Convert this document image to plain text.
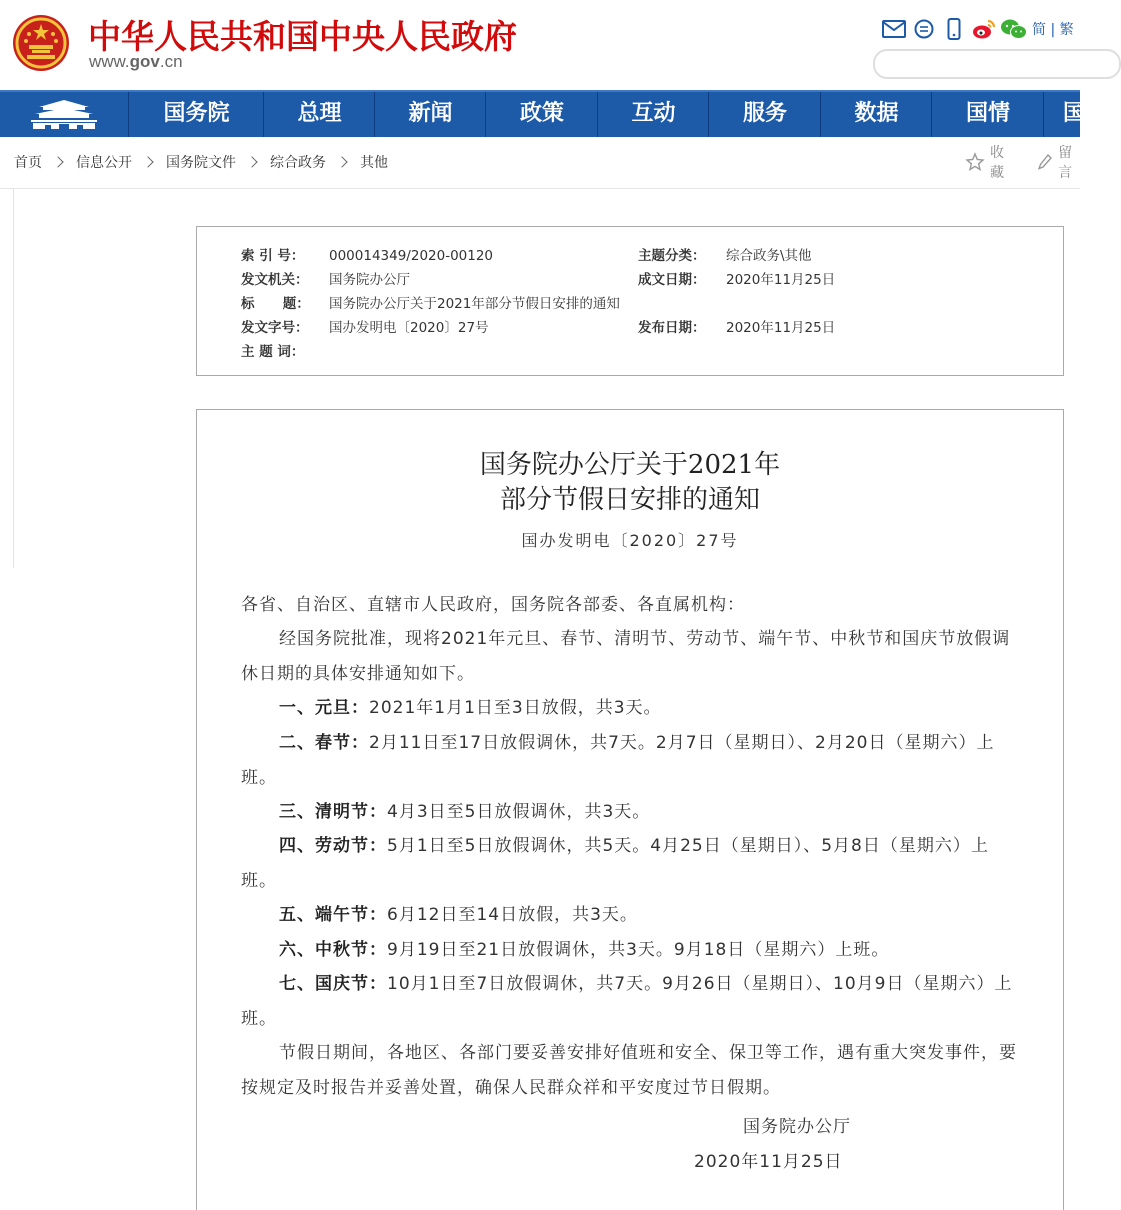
中华人民共和国中央人民政府
www.gov.cn
简 | 繁
国务院	总理	新闻	政策	互动	服务	数据	国情	国
首页 信息公开 国务院文件 综合政务 其他
收藏
留言
索 引 号： 000014349/2020-00120	主题分类： 综合政务\其他
发文机关： 国务院办公厅	成文日期： 2020年11月25日
标      题： 国务院办公厅关于2021年部分节假日安排的通知
发文字号： 国办发明电〔2020〕27号	发布日期： 2020年11月25日
主 题 词：
国务院办公厅关于2021年
部分节假日安排的通知
国办发明电〔2020〕27号
各省、自治区、直辖市人民政府，国务院各部委、各直属机构：
经国务院批准，现将2021年元旦、春节、清明节、劳动节、端午节、中秋节和国庆节放假调休日期的具体安排通知如下。
一、元旦：2021年1月1日至3日放假，共3天。
二、春节：2月11日至17日放假调休，共7天。2月7日（星期日）、2月20日（星期六）上班。
三、清明节：4月3日至5日放假调休，共3天。
四、劳动节：5月1日至5日放假调休，共5天。4月25日（星期日）、5月8日（星期六）上班。
五、端午节：6月12日至14日放假，共3天。
六、中秋节：9月19日至21日放假调休，共3天。9月18日（星期六）上班。
七、国庆节：10月1日至7日放假调休，共7天。9月26日（星期日）、10月9日（星期六）上班。
节假日期间，各地区、各部门要妥善安排好值班和安全、保卫等工作，遇有重大突发事件，要按规定及时报告并妥善处置，确保人民群众祥和平安度过节日假期。
国务院办公厅
2020年11月25日
